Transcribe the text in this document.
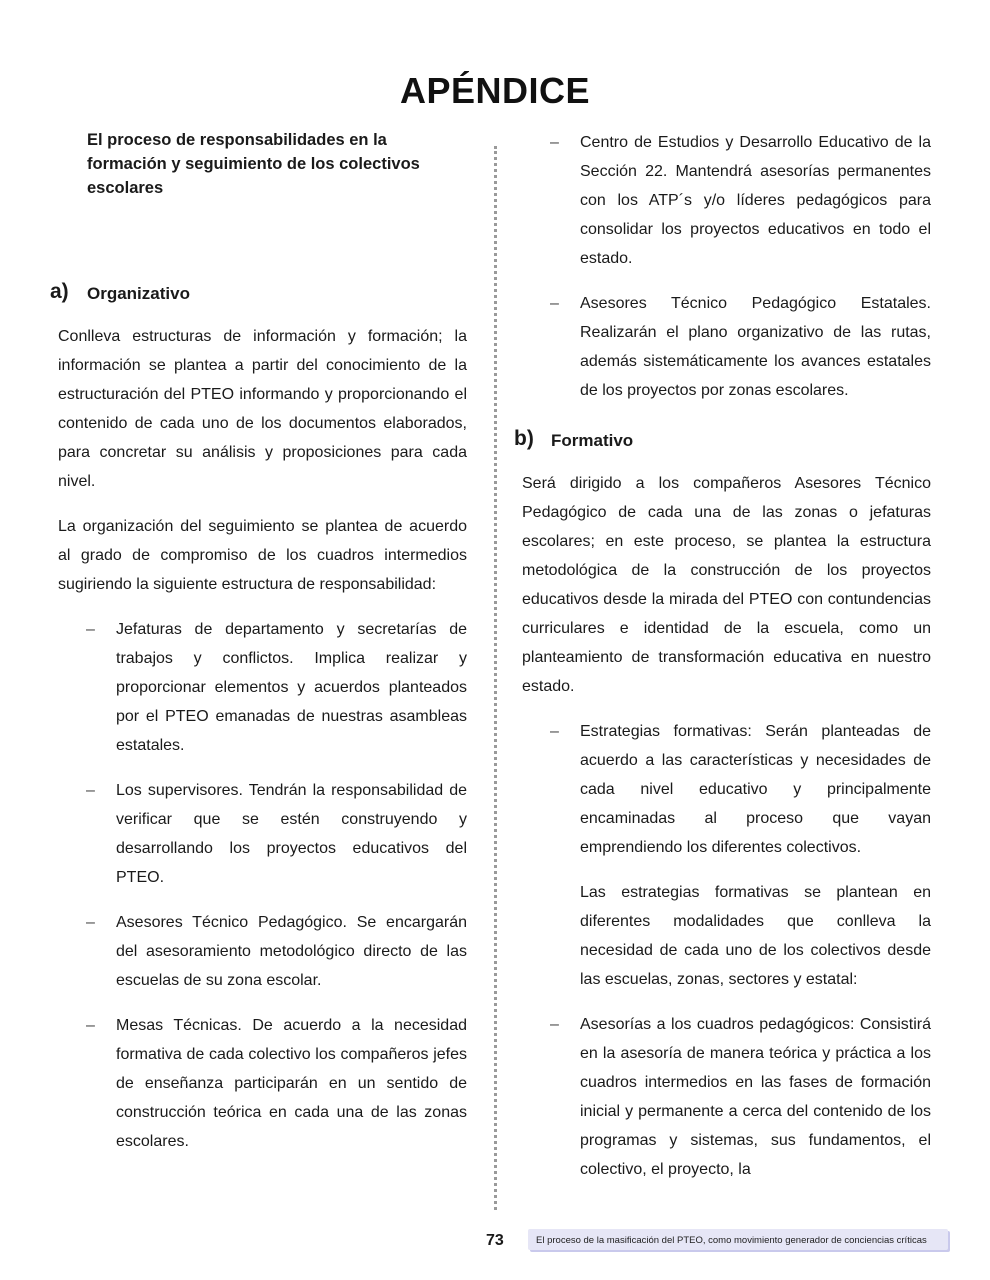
APÉNDICE
El proceso de responsabilidades en la formación y seguimiento de los colectivos escolares
a) Organizativo

Conlleva estructuras de información y formación; la información se plantea a partir del conocimiento de la estructuración del PTEO informando y proporcionando el contenido de cada uno de los documentos elaborados, para concretar su análisis y proposiciones para cada nivel.

La organización del seguimiento se plantea de acuerdo al grado de compromiso de los cuadros intermedios sugiriendo la siguiente estructura de responsabilidad:

– Jefaturas de departamento y secretarías de trabajos y conflictos. Implica realizar y proporcionar elementos y acuerdos planteados por el PTEO emanadas de nuestras asambleas estatales.
– Los supervisores. Tendrán la responsabilidad de verificar que se estén construyendo y desarrollando los proyectos educativos del PTEO.
– Asesores Técnico Pedagógico. Se encargarán del asesoramiento metodológico directo de las escuelas de su zona escolar.
– Mesas Técnicas. De acuerdo a la necesidad formativa de cada colectivo los compañeros jefes de enseñanza participarán en un sentido de construcción teórica en cada una de las zonas escolares.
– Centro de Estudios y Desarrollo Educativo de la Sección 22. Mantendrá asesorías permanentes con los ATP´s y/o líderes pedagógicos para consolidar los proyectos educativos en todo el estado.
– Asesores Técnico Pedagógico Estatales. Realizarán el plano organizativo de las rutas, además sistemáticamente los avances estatales de los proyectos por zonas escolares.
b) Formativo

Será dirigido a los compañeros Asesores Técnico Pedagógico de cada una de las zonas o jefaturas escolares; en este proceso, se plantea la estructura metodológica de la construcción de los proyectos educativos desde la mirada del PTEO con contundencias curriculares e identidad de la escuela, como un planteamiento de transformación educativa en nuestro estado.

– Estrategias formativas: Serán planteadas de acuerdo a las características y necesidades de cada nivel educativo y principalmente encaminadas al proceso que vayan emprendiendo los diferentes colectivos.

Las estrategias formativas se plantean en diferentes modalidades que conlleva la necesidad de cada uno de los colectivos desde las escuelas, zonas, sectores y estatal:

– Asesorías a los cuadros pedagógicos: Consistirá en la asesoría de manera teórica y práctica a los cuadros intermedios en las fases de formación inicial y permanente a cerca del contenido de los programas y sistemas, sus fundamentos, el colectivo, el proyecto, la
73	El proceso de la masificación del PTEO, como movimiento generador de conciencias críticas
